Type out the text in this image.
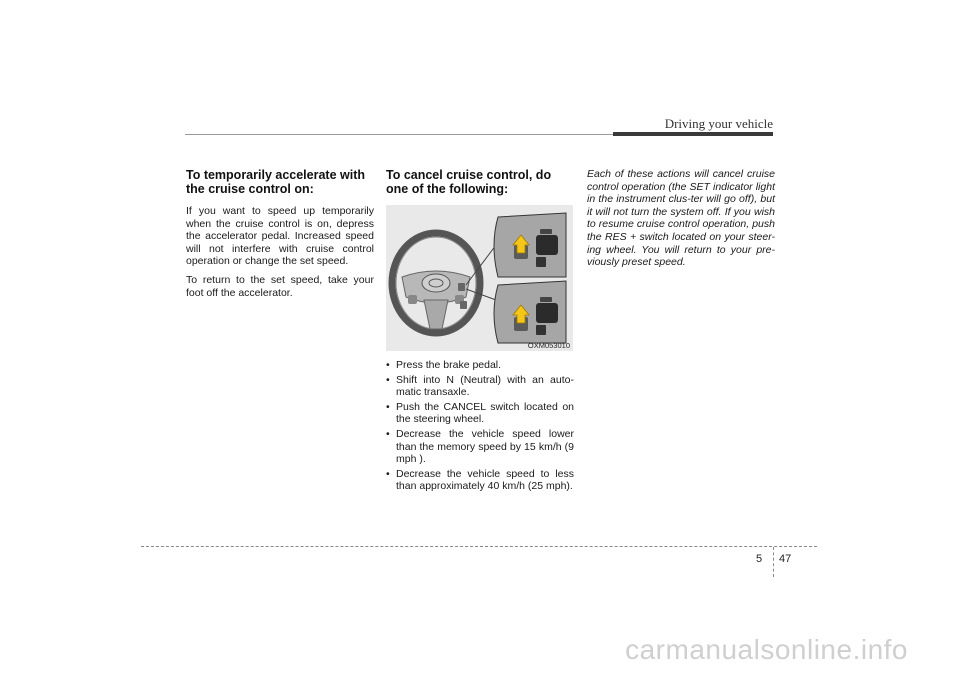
Driving your vehicle
To temporarily accelerate with the cruise control on:

If you want to speed up temporarily when the cruise control is on, depress the accelerator pedal. Increased speed will not interfere with cruise control operation or change the set speed.

To return to the set speed, take your foot off the accelerator.

To cancel cruise control, do one of the following:
OXM053010
• Press the brake pedal.
• Shift into N (Neutral) with an auto-matic transaxle.
• Push the CANCEL switch located on the steering wheel.
• Decrease the vehicle speed lower than the memory speed by 15 km/h (9 mph ).
• Decrease the vehicle speed to less than approximately 40 km/h (25 mph).

Each of these actions will cancel cruise control operation (the SET indicator light in the instrument clus-ter will go off), but it will not turn the system off. If you wish to resume cruise control operation, push the RES + switch located on your steer-ing wheel. You will return to your pre-viously preset speed.

5 47
carmanualsonline.info
